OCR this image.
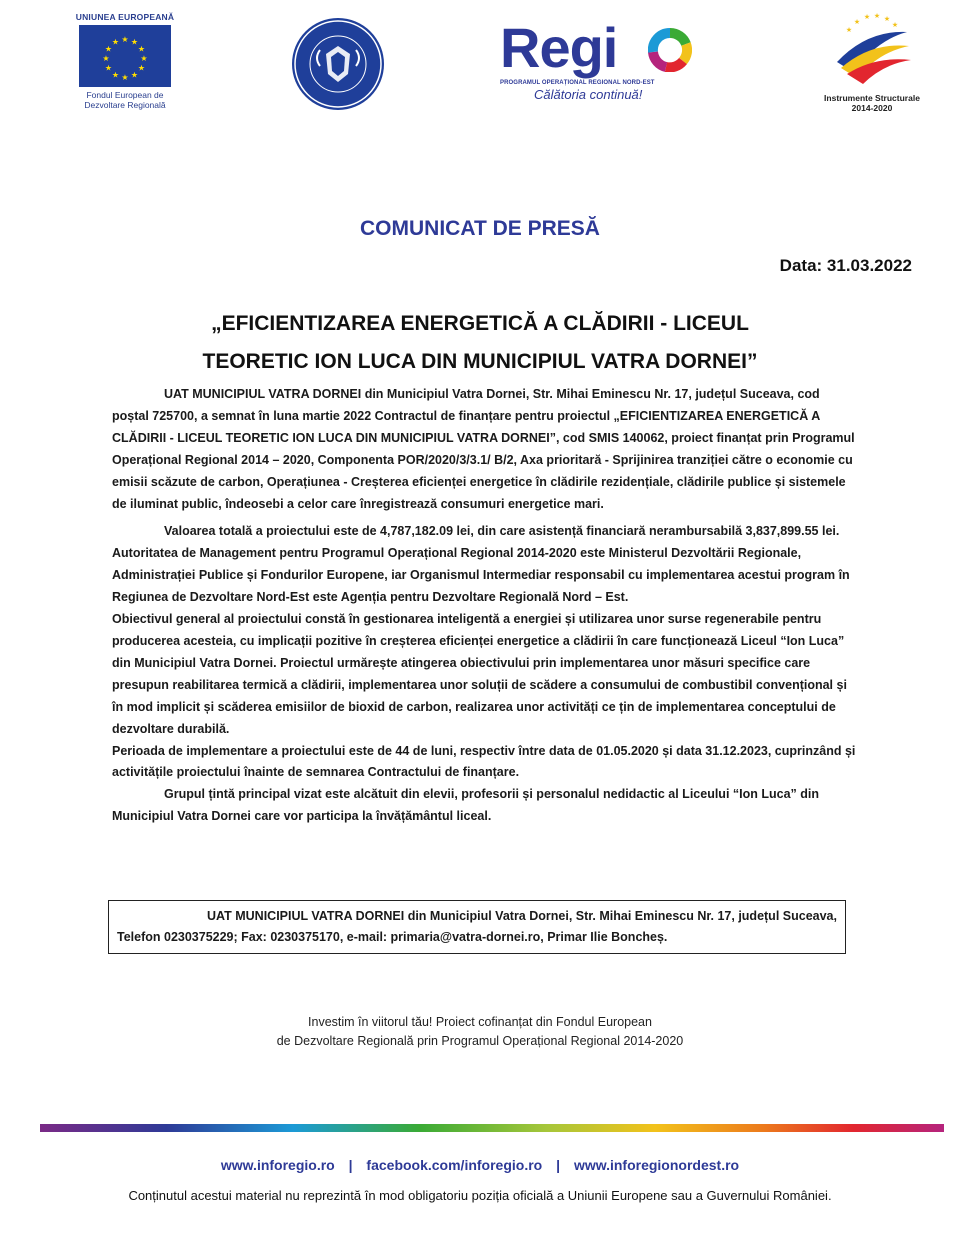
UNIUNEA EUROPEANĂ
★ ★
★
★
★
★
★
★
★
★
★
★
Fondul European de
Dezvoltare Regională
Regi
PROGRAMUL OPERAȚIONAL REGIONAL NORD-EST
Călătoria continuă!
★
★ ★ ★
★
★
Instrumente Structurale
2014-2020
COMUNICAT DE PRESĂ
Data: 31.03.2022
„EFICIENTIZAREA ENERGETICĂ A CLĂDIRII - LICEUL
TEORETIC ION LUCA DIN MUNICIPIUL VATRA DORNEI”

UAT MUNICIPIUL VATRA DORNEI din Municipiul Vatra Dornei, Str. Mihai Eminescu Nr. 17, județul Suceava, cod poștal 725700, a semnat în luna martie 2022 Contractul de finanțare pentru proiectul „EFICIENTIZAREA ENERGETICĂ A CLĂDIRII - LICEUL TEORETIC ION LUCA DIN MUNICIPIUL VATRA DORNEI”, cod SMIS 140062, proiect finanțat prin Programul Operațional Regional 2014 – 2020, Componenta POR/2020/3/3.1/ B/2, Axa prioritară - Sprijinirea tranziției către o economie cu emisii scăzute de carbon, Operațiunea - Creșterea eficienței energetice în clădirile rezidențiale, clădirile publice și sistemele de iluminat public, îndeosebi a celor care înregistrează consumuri energetice mari.

Valoarea totală a proiectului este de 4,787,182.09 lei, din care asistență financiară nerambursabilă 3,837,899.55 lei.

Autoritatea de Management pentru Programul Operațional Regional 2014-2020 este Ministerul Dezvoltării Regionale, Administrației Publice și Fondurilor Europene, iar Organismul Intermediar responsabil cu implementarea acestui program în Regiunea de Dezvoltare Nord-Est este Agenția pentru Dezvoltare Regională Nord – Est.

Obiectivul general al proiectului constă în gestionarea inteligentă a energiei și utilizarea unor surse regenerabile pentru producerea acesteia, cu implicații pozitive în creșterea eficienței energetice a clădirii în care funcționează Liceul “Ion Luca” din Municipiul Vatra Dornei. Proiectul urmărește atingerea obiectivului prin implementarea unor măsuri specifice care presupun reabilitarea termică a clădirii, implementarea unor soluții de scădere a consumului de combustibil convențional și în mod implicit și scăderea emisiilor de bioxid de carbon, realizarea unor activități ce țin de implementarea conceptului de dezvoltare durabilă.

Perioada de implementare a proiectului este de 44 de luni, respectiv între data de 01.05.2020 și data 31.12.2023, cuprinzând și activitățile proiectului înainte de semnarea Contractului de finanțare.

Grupul țintă principal vizat este alcătuit din elevii, profesorii și personalul nedidactic al Liceului “Ion Luca” din Municipiul Vatra Dornei care vor participa la învățământul liceal.

UAT MUNICIPIUL VATRA DORNEI din Municipiul Vatra Dornei, Str. Mihai Eminescu Nr. 17, județul Suceava, Telefon 0230375229; Fax: 0230375170, e-mail: primaria@vatra-dornei.ro, Primar Ilie Boncheș.

Investim în viitorul tău! Proiect cofinanțat din Fondul European
de Dezvoltare Regională prin Programul Operațional Regional 2014-2020
www.inforegio.ro | facebook.com/inforegio.ro | www.inforegionordest.ro
Conținutul acestui material nu reprezintă în mod obligatoriu poziția oficială a Uniunii Europene sau a Guvernului României.
